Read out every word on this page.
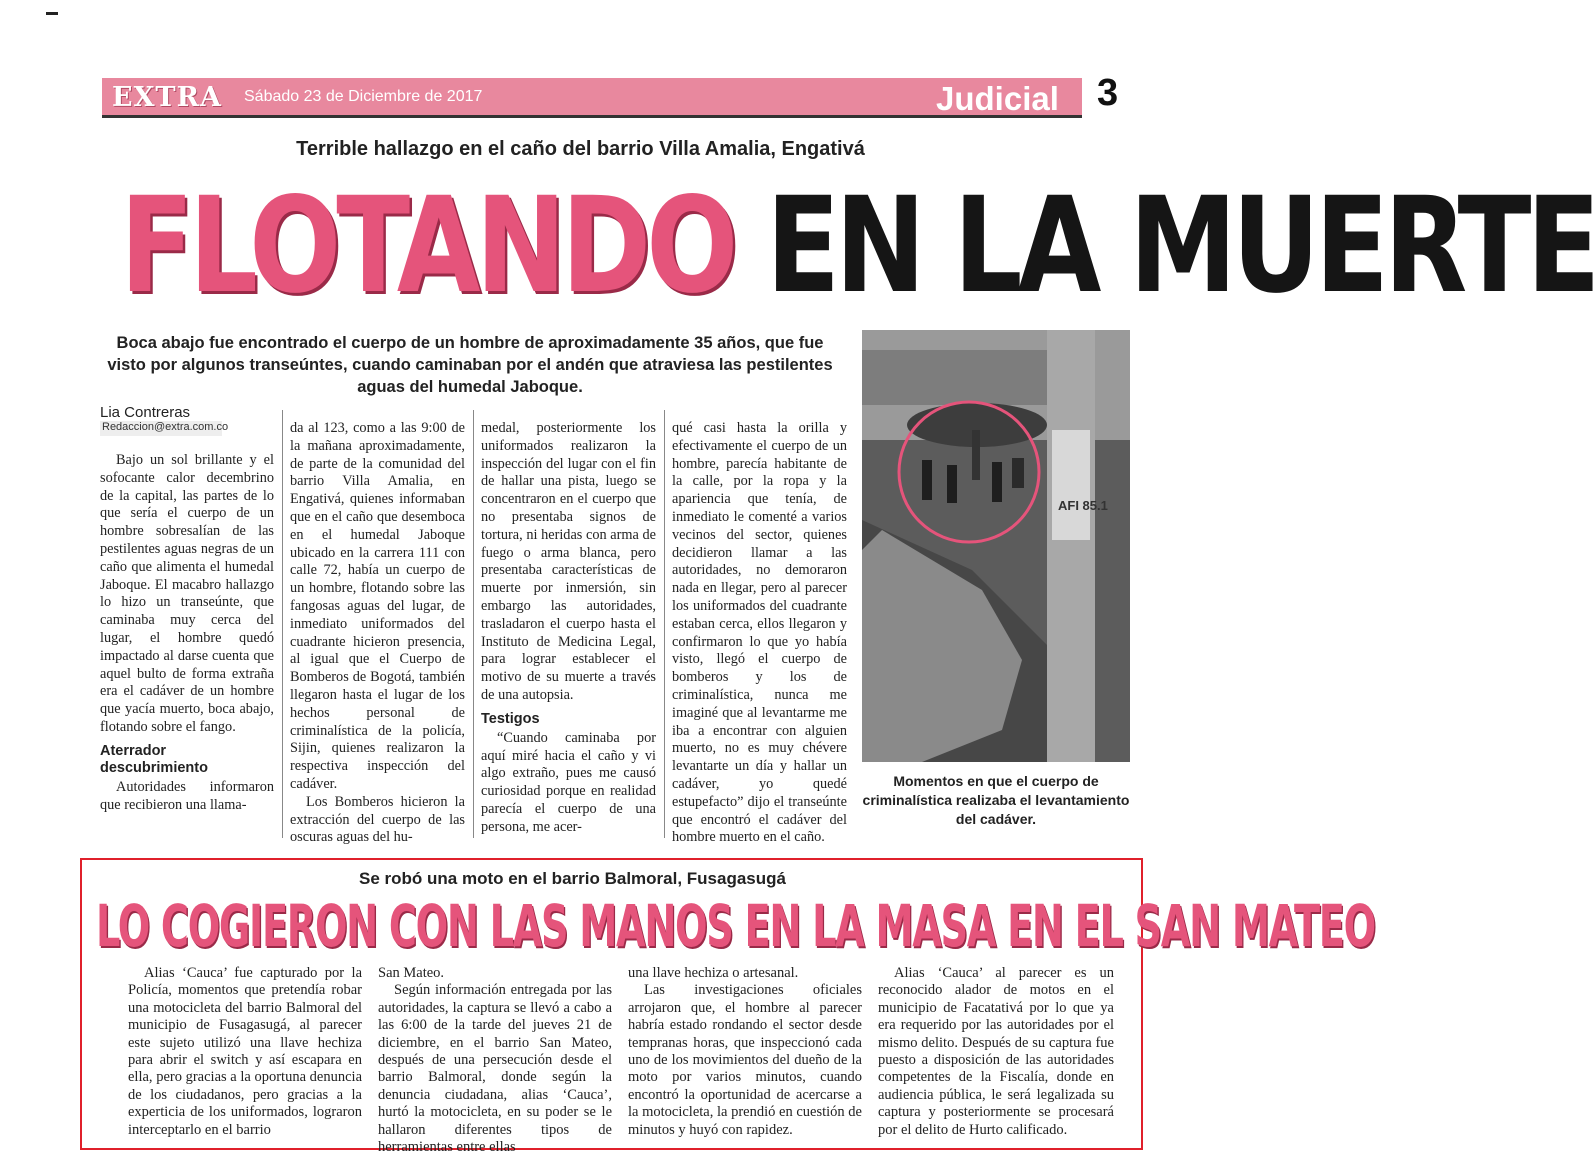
EXTRA Sábado 23 de Diciembre de 2017	Judicial 3
Terrible hallazgo en el caño del barrio Villa Amalia, Engativá
FLOTANDO EN LA MUERTE
Boca abajo fue encontrado el cuerpo de un hombre de aproximadamente 35 años, que fue visto por algunos transeúntes, cuando caminaban por el andén que atraviesa las pestilentes aguas del humedal Jaboque.
Lia Contreras
Redaccion@extra.com.co

Bajo un sol brillante y el sofocante calor decembrino de la capital, las partes de lo que sería el cuerpo de un hombre sobresalían de las pestilentes aguas negras de un caño que alimenta el humedal Jaboque. El macabro hallazgo lo hizo un transeúnte, que caminaba muy cerca del lugar, el hombre quedó impactado al darse cuenta que aquel bulto de forma extraña era el cadáver de un hombre que yacía muerto, boca abajo, flotando sobre el fango.

Aterrador descubrimiento

Autoridades informaron que recibieron una llama-

da al 123, como a las 9:00 de la mañana aproximadamente, de parte de la comunidad del barrio Villa Amalia, en Engativá, quienes informaban que en el caño que desemboca en el humedal Jaboque ubicado en la carrera 111 con calle 72, había un cuerpo de un hombre, flotando sobre las fangosas aguas del lugar, de inmediato uniformados del cuadrante hicieron presencia, al igual que el Cuerpo de Bomberos de Bogotá, también llegaron hasta el lugar de los hechos personal de criminalística de la policía, Sijin, quienes realizaron la respectiva inspección del cadáver.

Los Bomberos hicieron la extracción del cuerpo de las oscuras aguas del hu-

medal, posteriormente los uniformados realizaron la inspección del lugar con el fin de hallar una pista, luego se concentraron en el cuerpo que no presentaba signos de tortura, ni heridas con arma de fuego o arma blanca, pero presentaba características de muerte por inmersión, sin embargo las autoridades, trasladaron el cuerpo hasta el Instituto de Medicina Legal, para lograr establecer el motivo de su muerte a través de una autopsia.

Testigos

“Cuando caminaba por aquí miré hacia el caño y vi algo extraño, pues me causó curiosidad porque en realidad parecía el cuerpo de una persona, me acer-

qué casi hasta la orilla y efectivamente el cuerpo de un hombre, parecía habitante de la calle, por la ropa y la apariencia que tenía, de inmediato le comenté a varios vecinos del sector, quienes decidieron llamar a las autoridades, no demoraron nada en llegar, pero al parecer los uniformados del cuadrante estaban cerca, ellos llegaron y confirmaron lo que yo había visto, llegó el cuerpo de bomberos y los de criminalística, nunca me imaginé que al levantarme me iba a encontrar con alguien muerto, no es muy chévere levantarte un día y hallar un cadáver, yo quedé estupefacto” dijo el transeúnte que encontró el cadáver del hombre muerto en el caño.

AFI 85.1
Momentos en que el cuerpo de criminalística realizaba el levantamiento del cadáver.
Se robó una moto en el barrio Balmoral, Fusagasugá
LO COGIERON CON LAS MANOS EN LA MASA EN EL SAN MATEO

Alias ‘Cauca’ fue capturado por la Policía, momentos que pretendía robar una motocicleta del barrio Balmoral del municipio de Fusagasugá, al parecer este sujeto utilizó una llave hechiza para abrir el switch y así escapara en ella, pero gracias a la oportuna denuncia de los ciudadanos, pero gracias a la experticia de los uniformados, lograron interceptarlo en el barrio

San Mateo.

Según información entregada por las autoridades, la captura se llevó a cabo a las 6:00 de la tarde del jueves 21 de diciembre, en el barrio San Mateo, después de una persecución desde el barrio Balmoral, donde según la denuncia ciudadana, alias ‘Cauca’, hurtó la motocicleta, en su poder se le hallaron diferentes tipos de herramientas entre ellas

una llave hechiza o artesanal.

Las investigaciones oficiales arrojaron que, el hombre al parecer habría estado rondando el sector desde tempranas horas, que inspeccionó cada uno de los movimientos del dueño de la moto por varios minutos, cuando encontró la oportunidad de acercarse a la motocicleta, la prendió en cuestión de minutos y huyó con rapidez.

Alias ‘Cauca’ al parecer es un reconocido alador de motos en el municipio de Facatativá por lo que ya era requerido por las autoridades por el mismo delito. Después de su captura fue puesto a disposición de las autoridades competentes de la Fiscalía, donde en audiencia pública, le será legalizada su captura y posteriormente se procesará por el delito de Hurto calificado.
